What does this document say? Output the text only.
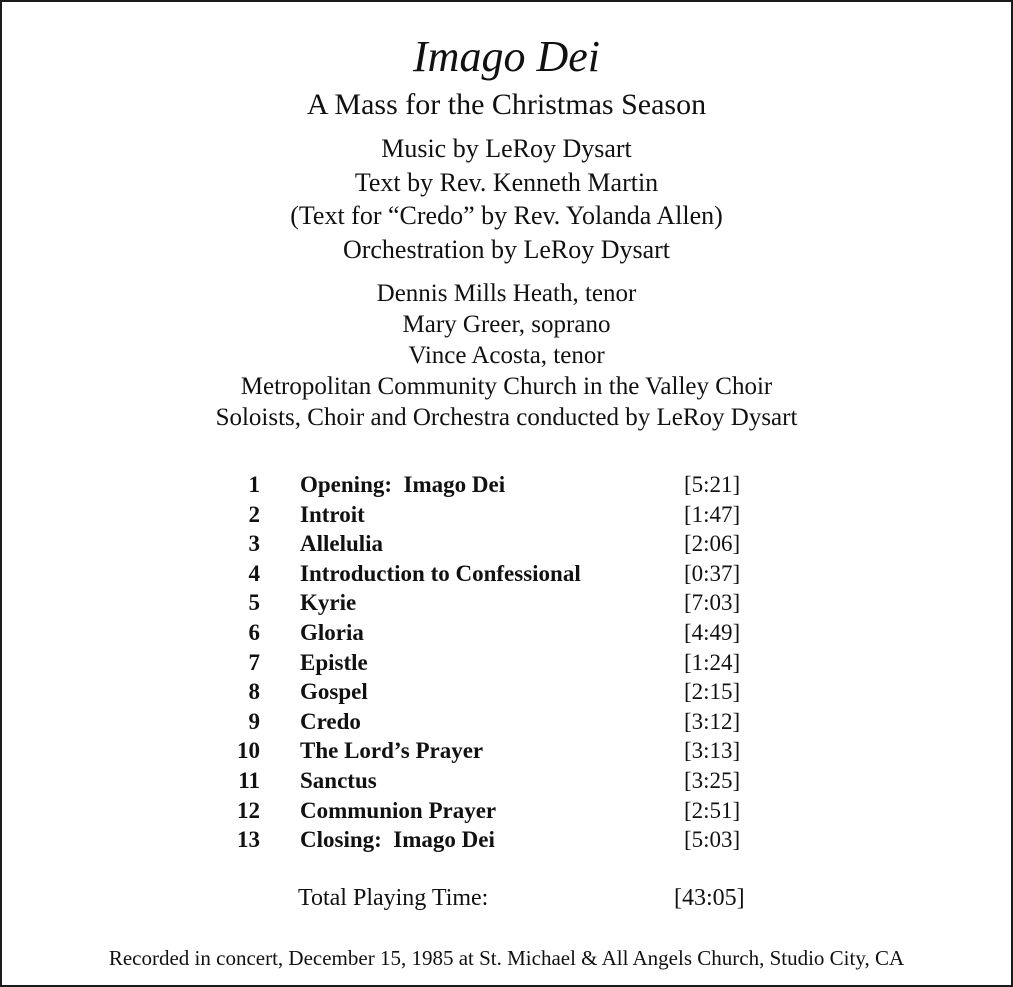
Imago Dei
A Mass for the Christmas Season
Music by LeRoy Dysart
Text by Rev. Kenneth Martin
(Text for “Credo” by Rev. Yolanda Allen)
Orchestration by LeRoy Dysart
Dennis Mills Heath, tenor
Mary Greer, soprano
Vince Acosta, tenor
Metropolitan Community Church in the Valley Choir
Soloists, Choir and Orchestra conducted by LeRoy Dysart
1 Opening:  Imago Dei	[5:21]
2 Introit	[1:47]
3 Allelulia	[2:06]
4 Introduction to Confessional	[0:37]
5 Kyrie	[7:03]
6 Gloria	[4:49]
7 Epistle	[1:24]
8 Gospel	[2:15]
9 Credo	[3:12]
10 The Lord’s Prayer	[3:13]
11 Sanctus	[3:25]
12 Communion Prayer	[2:51]
13 Closing:  Imago Dei	[5:03]
Total Playing Time:	[43:05]
Recorded in concert, December 15, 1985 at St. Michael & All Angels Church, Studio City, CA
